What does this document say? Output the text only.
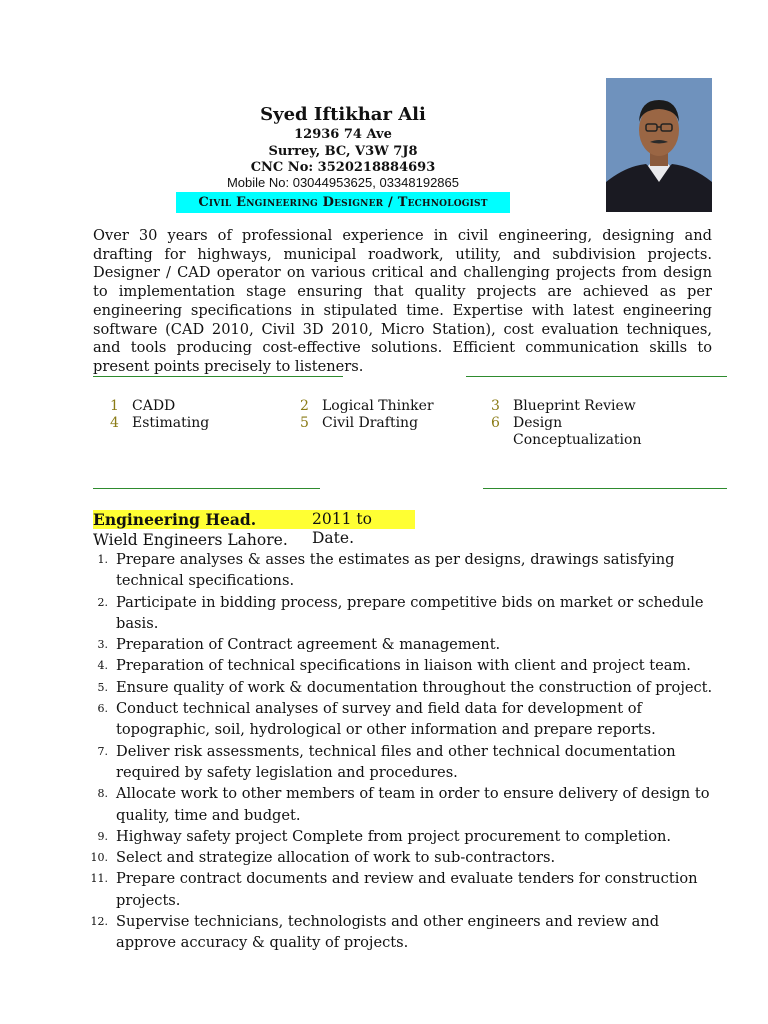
Syed Iftikhar Ali
12936 74 Ave
Surrey, BC, V3W 7J8
CNC No: 3520218884693
Mobile No: 03044953625, 03348192865
Civil Engineering Designer / Technologist
Over 30 years of professional experience in civil engineering, designing and drafting for highways, municipal roadwork, utility, and subdivision projects. Designer / CAD operator on various critical and challenging projects from design to implementation stage ensuring that quality projects are achieved as per engineering specifications in stipulated time. Expertise with latest engineering software (CAD 2010, Civil 3D 2010, Micro Station), cost evaluation techniques, and tools producing cost-effective solutions. Efficient communication skills to present points precisely to listeners.
1 CADD	2 Logical Thinker	3 Blueprint Review
4 Estimating	5 Civil Drafting	6 Design Conceptualization
Engineering Head.	2011 to Date.
Wield Engineers Lahore.
1. Prepare analyses & asses the estimates as per designs, drawings satisfying technical specifications.
2. Participate in bidding process, prepare competitive bids on market or schedule basis.
3. Preparation of Contract agreement & management.
4. Preparation of technical specifications in liaison with client and project team.
5. Ensure quality of work & documentation throughout the construction of project.
6. Conduct technical analyses of survey and field data for development of topographic, soil, hydrological or other information and prepare reports.
7. Deliver risk assessments, technical files and other technical documentation required by safety legislation and procedures.
8. Allocate work to other members of team in order to ensure delivery of design to quality, time and budget.
9. Highway safety project Complete from project procurement to completion.
10. Select and strategize allocation of work to sub-contractors.
11. Prepare contract documents and review and evaluate tenders for construction projects.
12. Supervise technicians, technologists and other engineers and review and approve accuracy & quality of projects.
